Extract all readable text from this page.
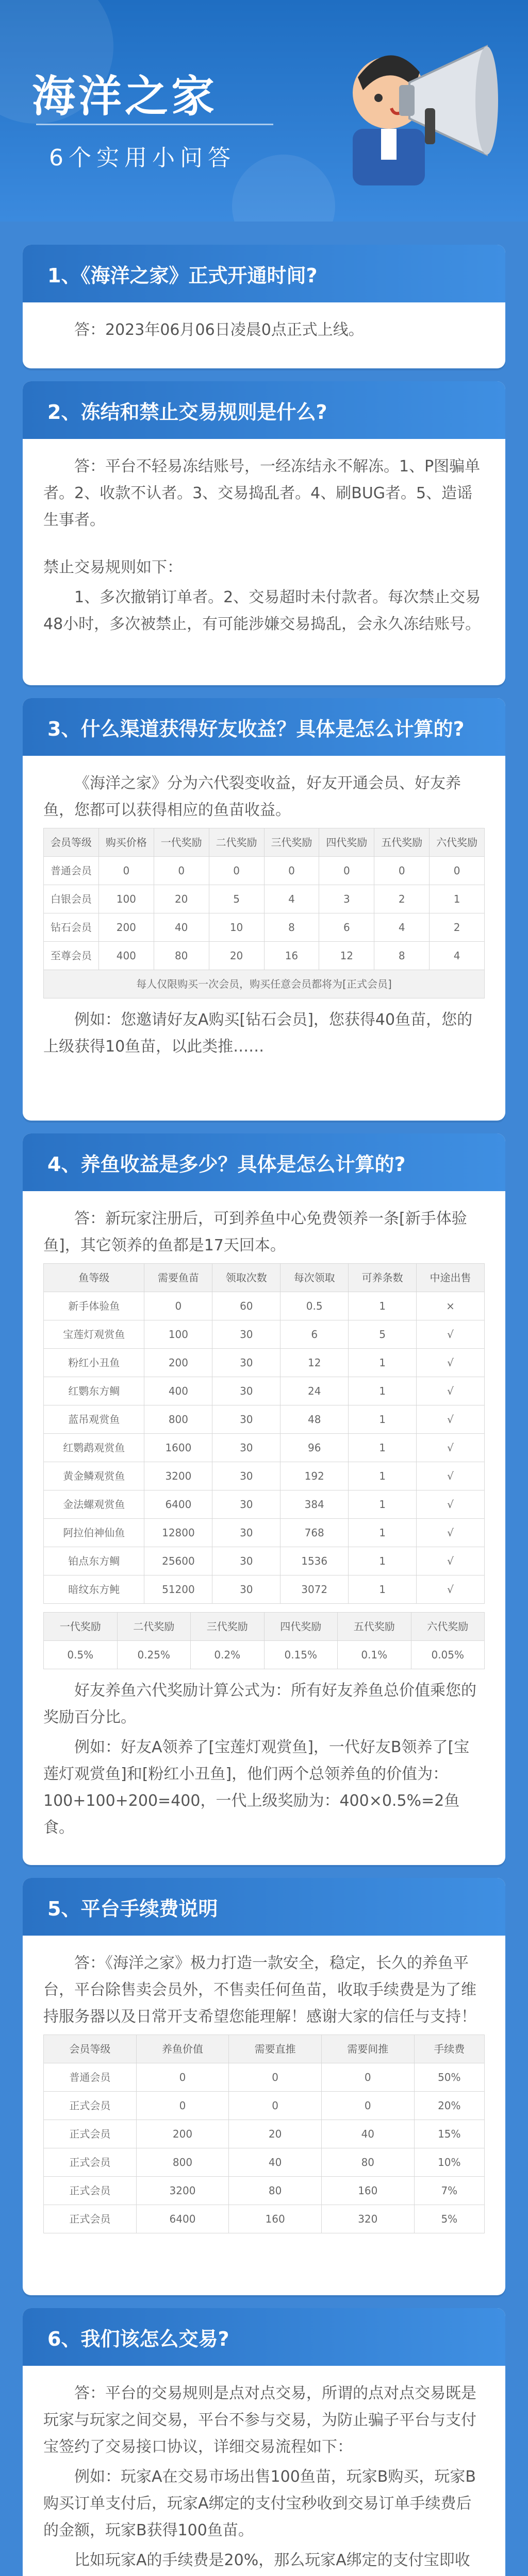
海洋之家
6个实用小问答
1、《海洋之家》正式开通时间?

答：2023年06月06日凌晨0点正式上线。

2、冻结和禁止交易规则是什么?

答：平台不轻易冻结账号，一经冻结永不解冻。1、P图骗单者。2、收款不认者。3、交易捣乱者。4、刷BUG者。5、造谣生事者。

禁止交易规则如下：

1、多次撤销订单者。2、交易超时未付款者。每次禁止交易48小时，多次被禁止，有可能涉嫌交易捣乱，会永久冻结账号。

3、什么渠道获得好友收益？具体是怎么计算的?

《海洋之家》分为六代裂变收益，好友开通会员、好友养鱼，您都可以获得相应的鱼苗收益。

会员等级	购买价格	一代奖励	二代奖励	三代奖励	四代奖励	五代奖励	六代奖励
普通会员	0	0	0	0	0	0	0
白银会员	100	20	5	4	3	2	1
钻石会员	200	40	10	8	6	4	2
至尊会员	400	80	20	16	12	8	4
每人仅限购买一次会员，购买任意会员都将为[正式会员]							

例如：您邀请好友A购买[钻石会员]，您获得40鱼苗，您的上级获得10鱼苗，以此类推……

4、养鱼收益是多少？具体是怎么计算的?

答：新玩家注册后，可到养鱼中心免费领养一条[新手体验鱼]，其它领养的鱼都是17天回本。

鱼等级	需要鱼苗	领取次数	每次领取	可养条数	中途出售
新手体验鱼	0	60	0.5	1	×
宝莲灯观赏鱼	100	30	6	5	√
粉红小丑鱼	200	30	12	1	√
红鹦东方鲷	400	30	24	1	√
蓝吊观赏鱼	800	30	48	1	√
红鹦鹉观赏鱼	1600	30	96	1	√
黄金鳞观赏鱼	3200	30	192	1	√
金法螺观赏鱼	6400	30	384	1	√
阿拉伯神仙鱼	12800	30	768	1	√
铂点东方鲷	25600	30	1536	1	√
暗纹东方鲀	51200	30	3072	1	√
一代奖励	二代奖励	三代奖励	四代奖励	五代奖励	六代奖励
0.5%	0.25%	0.2%	0.15%	0.1%	0.05%

好友养鱼六代奖励计算公式为：所有好友养鱼总价值乘您的奖励百分比。

例如：好友A领养了[宝莲灯观赏鱼]，一代好友B领养了[宝莲灯观赏鱼]和[粉红小丑鱼]，他们两个总领养鱼的价值为：100+100+200=400，一代上级奖励为：400×0.5%=2鱼食。

5、平台手续费说明

答：《海洋之家》极力打造一款安全，稳定，长久的养鱼平台，平台除售卖会员外，不售卖任何鱼苗，收取手续费是为了维持服务器以及日常开支希望您能理解！感谢大家的信任与支持！

会员等级	养鱼价值	需要直推	需要间推	手续费
普通会员	0	0	0	50%
正式会员	0	0	0	20%
正式会员	200	20	40	15%
正式会员	800	40	80	10%
正式会员	3200	80	160	7%
正式会员	6400	160	320	5%
6、我们该怎么交易?

答：平台的交易规则是点对点交易，所谓的点对点交易既是玩家与玩家之间交易，平台不参与交易，为防止骗子平台与支付宝签约了交易接口协议，详细交易流程如下：

例如：玩家A在交易市场出售100鱼苗，玩家B购买，玩家B购买订单支付后，玩家A绑定的支付宝秒收到交易订单手续费后的金额，玩家B获得100鱼苗。

比如玩家A的手续费是20%，那么玩家A绑定的支付宝即收
